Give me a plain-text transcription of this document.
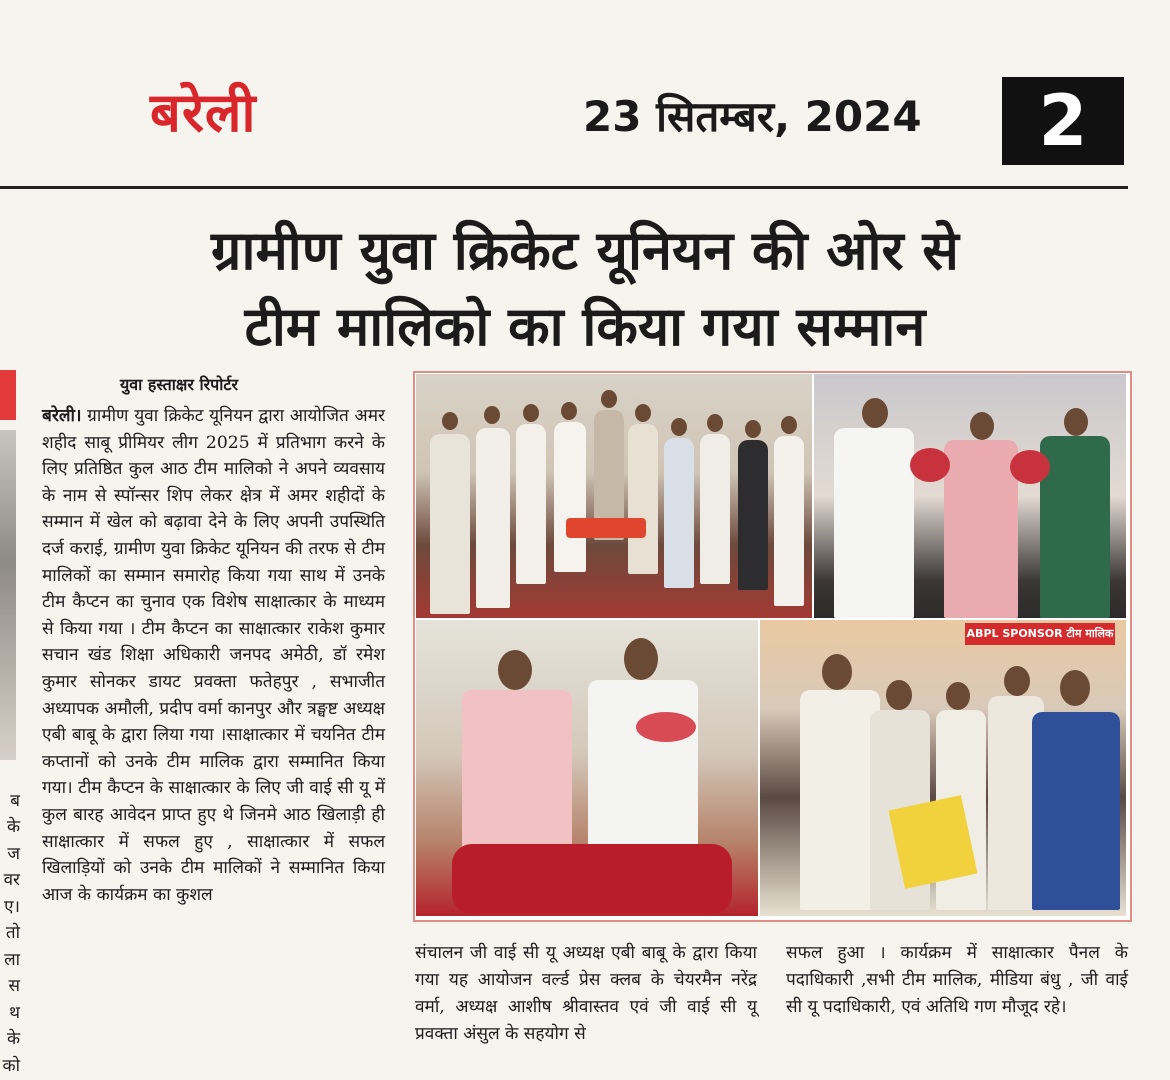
बरेली	23 सितम्बर, 2024	2
ग्रामीण युवा क्रिकेट यूनियन की ओर से
टीम मालिको का किया गया सम्मान
ब
के
ज
वर
ए।
तो
ला
स
थ
के
को
युवा हस्ताक्षर रिपोर्टर
बरेली। ग्रामीण युवा क्रिकेट यूनियन द्वारा आयोजित अमर शहीद साबू प्रीमियर लीग 2025 में प्रतिभाग करने के लिए प्रतिष्ठित कुल आठ टीम मालिको ने अपने व्यवसाय के नाम से स्पॉन्सर शिप लेकर क्षेत्र में अमर शहीदों के सम्मान में खेल को बढ़ावा देने के लिए अपनी उपस्थिति दर्ज कराई, ग्रामीण युवा क्रिकेट यूनियन की तरफ से टीम मालिकों का सम्मान समारोह किया गया साथ में उनके टीम कैप्टन का चुनाव एक विशेष साक्षात्कार के माध्यम से किया गया । टीम कैप्टन का साक्षात्कार राकेश कुमार सचान खंड शिक्षा अधिकारी जनपद अमेठी, डॉ रमेश कुमार सोनकर डायट प्रवक्ता फतेहपुर , सभाजीत अध्यापक अमौली, प्रदीप वर्मा कानपुर और त्रङ्घष्ट अध्यक्ष एबी बाबू के द्वारा लिया गया ।साक्षात्कार में चयनित टीम कप्तानों को उनके टीम मालिक द्वारा सम्मानित किया गया। टीम कैप्टन के साक्षात्कार के लिए जी वाई सी यू में कुल बारह आवेदन प्राप्त हुए थे जिनमे आठ खिलाड़ी ही साक्षात्कार में सफल हुए , साक्षात्कार में सफल खिलाड़ियों को उनके टीम मालिकों ने सम्मानित किया आज के कार्यक्रम का कुशल
ABPL SPONSOR टीम मालिक
संचालन जी वाई सी यू अध्यक्ष एबी बाबू के द्वारा किया गया यह आयोजन वर्ल्ड प्रेस क्लब के चेयरमैन नरेंद्र वर्मा, अध्यक्ष आशीष श्रीवास्तव एवं जी वाई सी यू प्रवक्ता अंसुल के सहयोग से
सफल हुआ । कार्यक्रम में साक्षात्कार पैनल के पदाधिकारी ,सभी टीम मालिक, मीडिया बंधु , जी वाई सी यू पदाधिकारी, एवं अतिथि गण मौजूद रहे।
